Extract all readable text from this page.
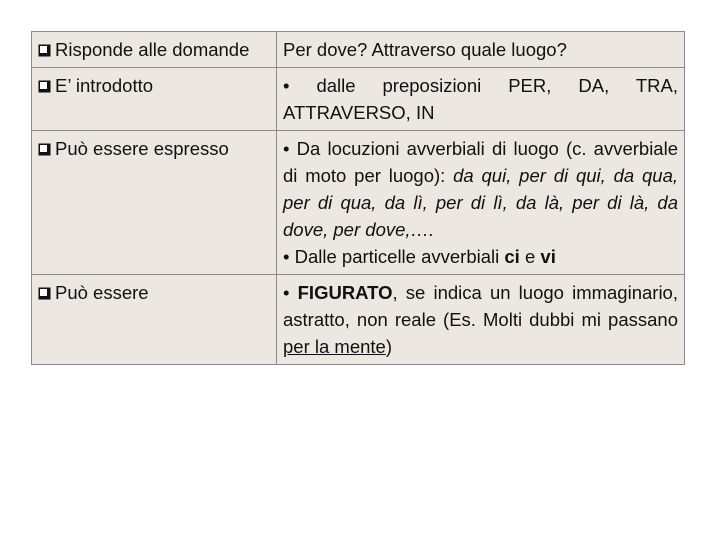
Risponde alle domande	Per dove? Attraverso quale luogo?

E’ introdotto	• dalle preposizioni PER, DA, TRA, ATTRAVERSO, IN

Può essere espresso	• Da locuzioni avverbiali di luogo (c. avverbiale di moto per luogo): da qui, per di qui, da qua, per di qua, da lì, per di lì, da là, per di là, da dove, per dove,….
• Dalle particelle avverbiali ci e vi

Può essere	• FIGURATO, se indica un luogo immaginario, astratto, non reale (Es. Molti dubbi mi passano per la mente)
